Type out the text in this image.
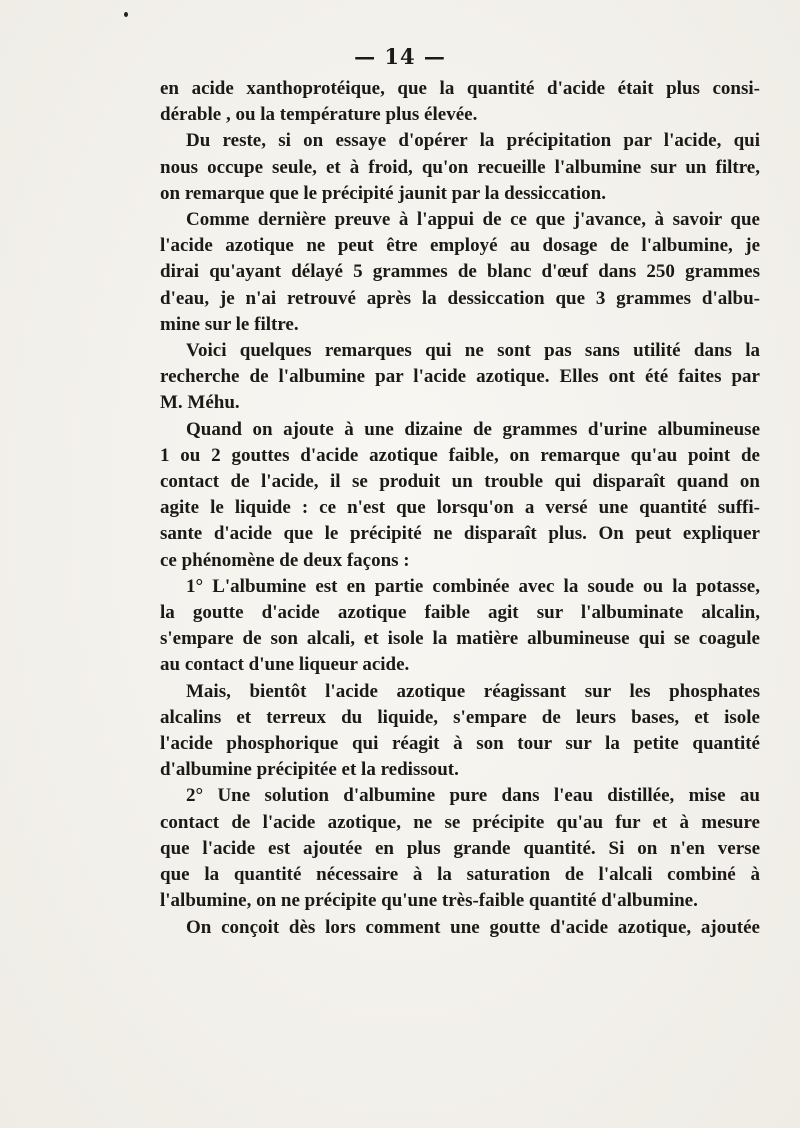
— 14 —

en acide xanthoprotéique, que la quantité d'acide était plus consi-
dérable , ou la température plus élevée.

Du reste, si on essaye d'opérer la précipitation par l'acide, qui
nous occupe seule, et à froid, qu'on recueille l'albumine sur un filtre,
on remarque que le précipité jaunit par la dessiccation.

Comme dernière preuve à l'appui de ce que j'avance, à savoir que
l'acide azotique ne peut être employé au dosage de l'albumine, je
dirai qu'ayant délayé 5 grammes de blanc d'œuf dans 250 grammes
d'eau, je n'ai retrouvé après la dessiccation que 3 grammes d'albu-
mine sur le filtre.

Voici quelques remarques qui ne sont pas sans utilité dans la
recherche de l'albumine par l'acide azotique. Elles ont été faites par
M. Méhu.

Quand on ajoute à une dizaine de grammes d'urine albumineuse
1 ou 2 gouttes d'acide azotique faible, on remarque qu'au point de
contact de l'acide, il se produit un trouble qui disparaît quand on
agite le liquide : ce n'est que lorsqu'on a versé une quantité suffi-
sante d'acide que le précipité ne disparaît plus. On peut expliquer
ce phénomène de deux façons :

1° L'albumine est en partie combinée avec la soude ou la potasse,
la goutte d'acide azotique faible agit sur l'albuminate alcalin,
s'empare de son alcali, et isole la matière albumineuse qui se coagule
au contact d'une liqueur acide.

Mais, bientôt l'acide azotique réagissant sur les phosphates
alcalins et terreux du liquide, s'empare de leurs bases, et isole
l'acide phosphorique qui réagit à son tour sur la petite quantité
d'albumine précipitée et la redissout.

2° Une solution d'albumine pure dans l'eau distillée, mise au
contact de l'acide azotique, ne se précipite qu'au fur et à mesure
que l'acide est ajoutée en plus grande quantité. Si on n'en verse
que la quantité nécessaire à la saturation de l'alcali combiné à
l'albumine, on ne précipite qu'une très-faible quantité d'albumine.

On conçoit dès lors comment une goutte d'acide azotique, ajoutée
